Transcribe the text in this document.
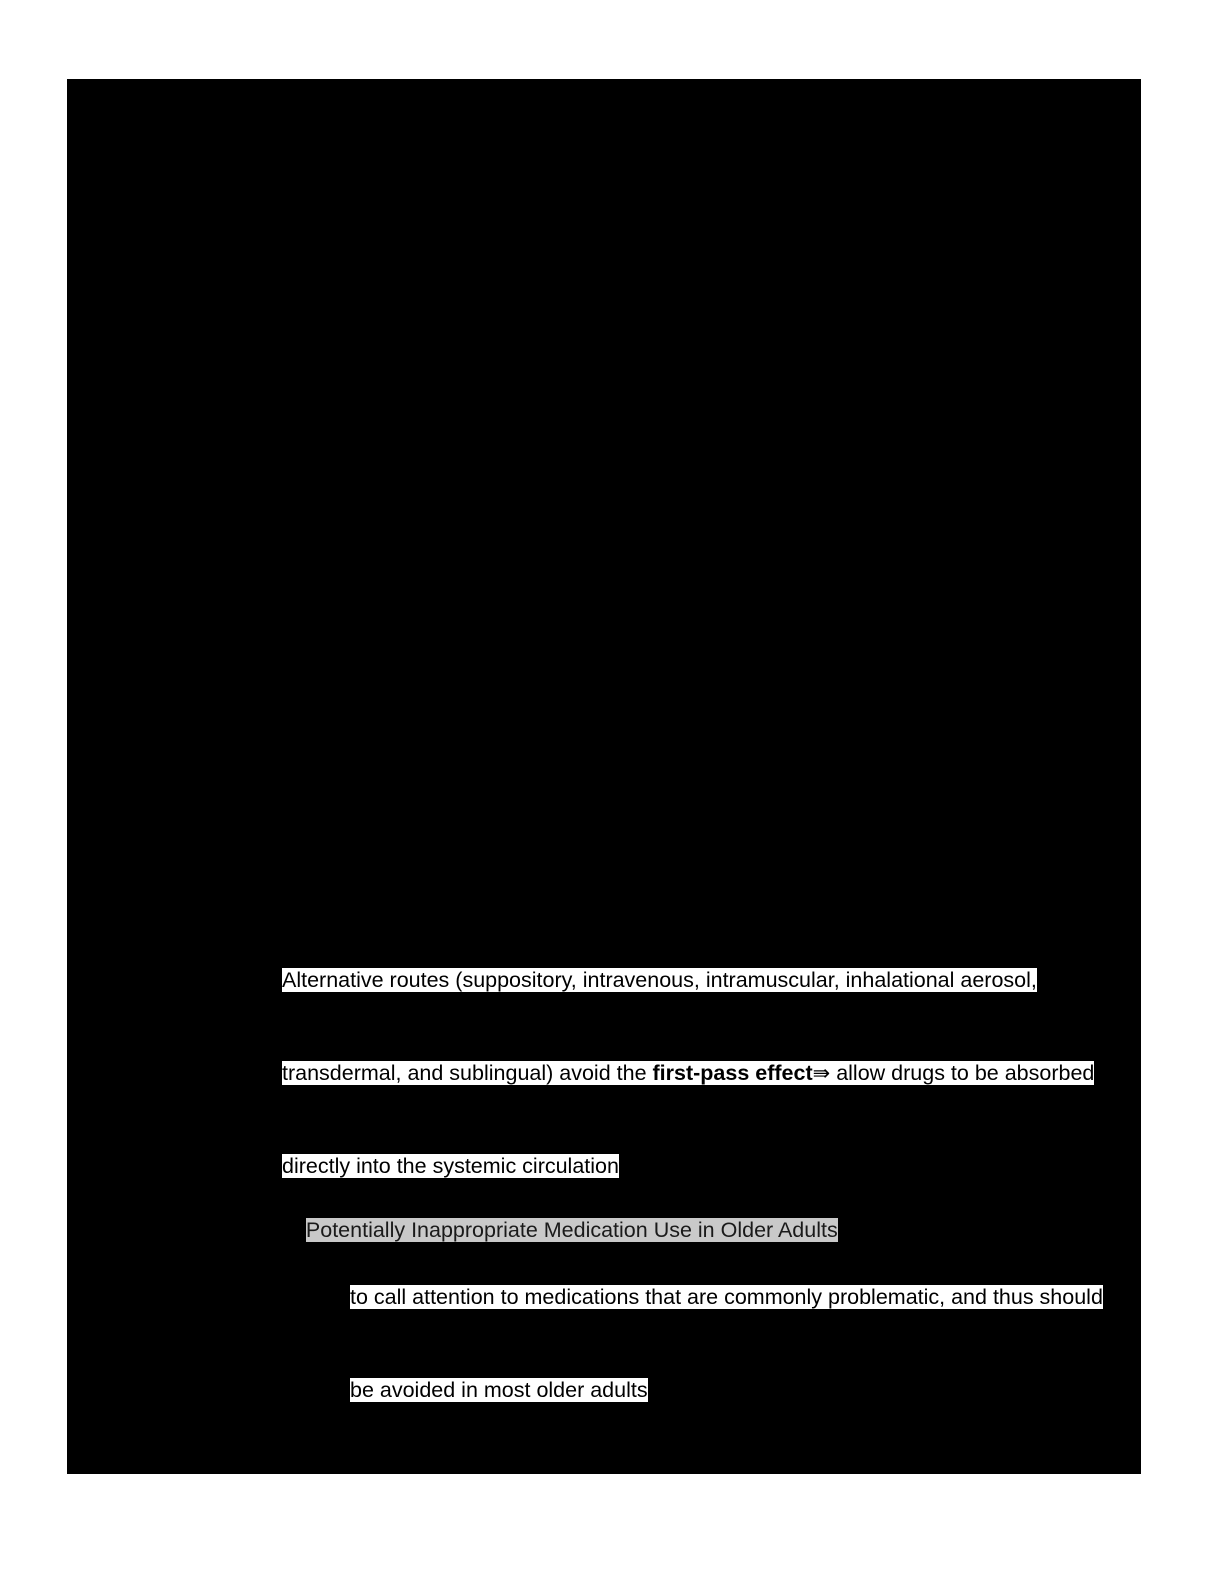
Alternative routes (suppository, intravenous, intramuscular, inhalational aerosol,

transdermal, and sublingual) avoid the first-pass effect⇛ allow drugs to be absorbed

directly into the systemic circulation

Potentially Inappropriate Medication Use in Older Adults

to call attention to medications that are commonly problematic, and thus should

be avoided in most older adults
